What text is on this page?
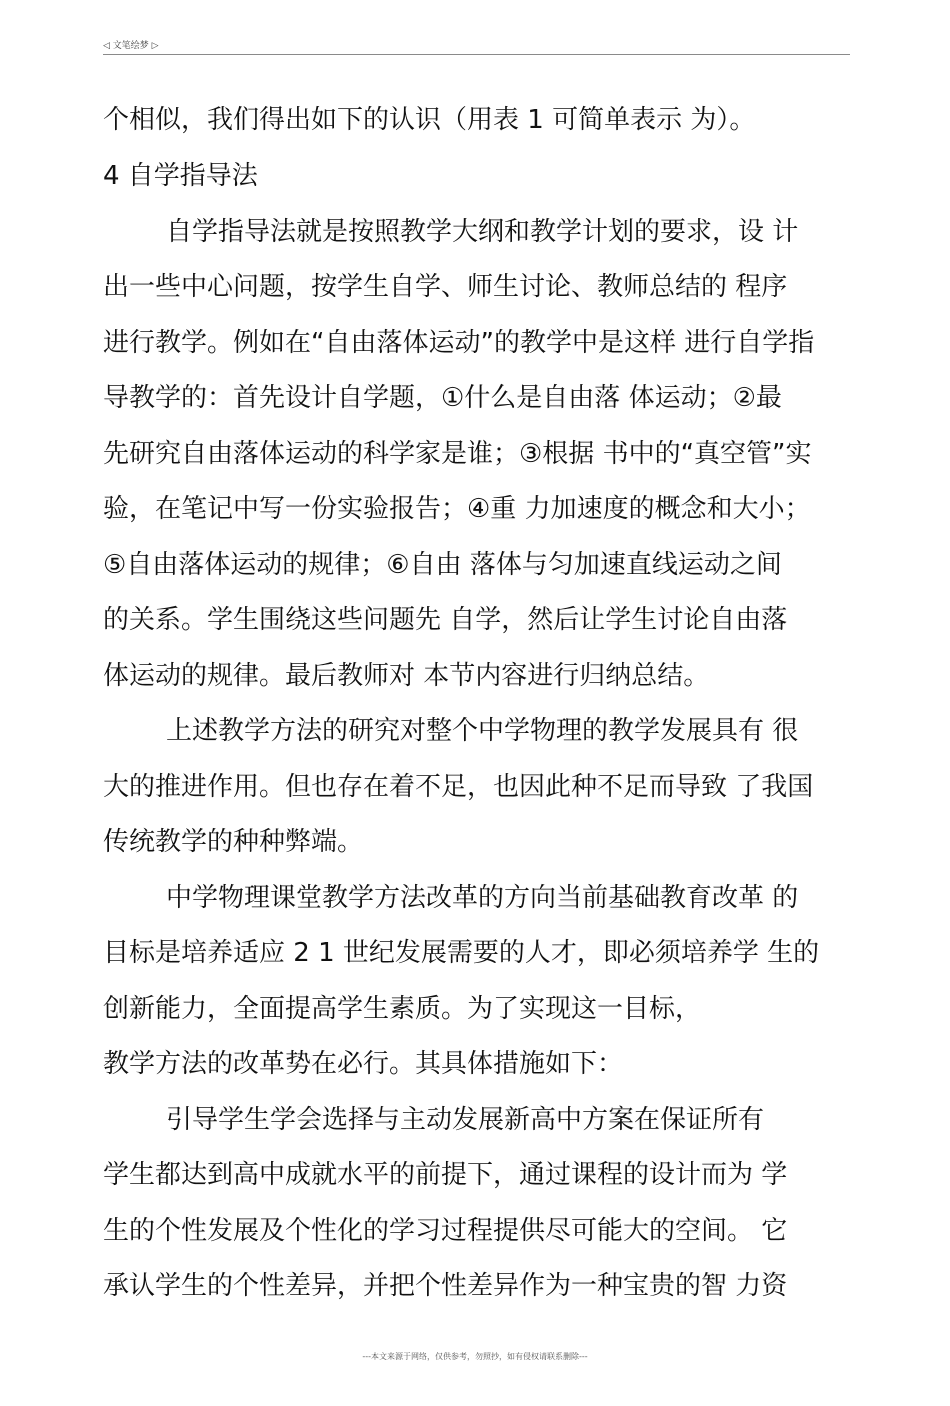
◁ 文笔绘梦 ▷
个相似，我们得出如下的认识（用表 1 可简单表示 为）。
4 自学指导法
自学指导法就是按照教学大纲和教学计划的要求，设 计
出一些中心问题，按学生自学、师生讨论、教师总结的 程序
进行教学。例如在“自由落体运动”的教学中是这样 进行自学指
导教学的：首先设计自学题，①什么是自由落 体运动；②最
先研究自由落体运动的科学家是谁；③根据 书中的“真空管”实
验，在笔记中写一份实验报告；④重 力加速度的概念和大小；
⑤自由落体运动的规律；⑥自由 落体与匀加速直线运动之间
的关系。学生围绕这些问题先 自学，然后让学生讨论自由落
体运动的规律。最后教师对 本节内容进行归纳总结。
上述教学方法的研究对整个中学物理的教学发展具有 很
大的推进作用。但也存在着不足，也因此种不足而导致 了我国
传统教学的种种弊端。
中学物理课堂教学方法改革的方向当前基础教育改革 的
目标是培养适应 2 1 世纪发展需要的人才，即必须培养学 生的
创新能力，全面提高学生素质。为了实现这一目标，
教学方法的改革势在必行。其具体措施如下：
引导学生学会选择与主动发展新高中方案在保证所有
学生都达到高中成就水平的前提下，通过课程的设计而为 学
生的个性发展及个性化的学习过程提供尽可能大的空间。 它
承认学生的个性差异，并把个性差异作为一种宝贵的智 力资
---本文来源于网络，仅供参考，勿照抄，如有侵权请联系删除---
